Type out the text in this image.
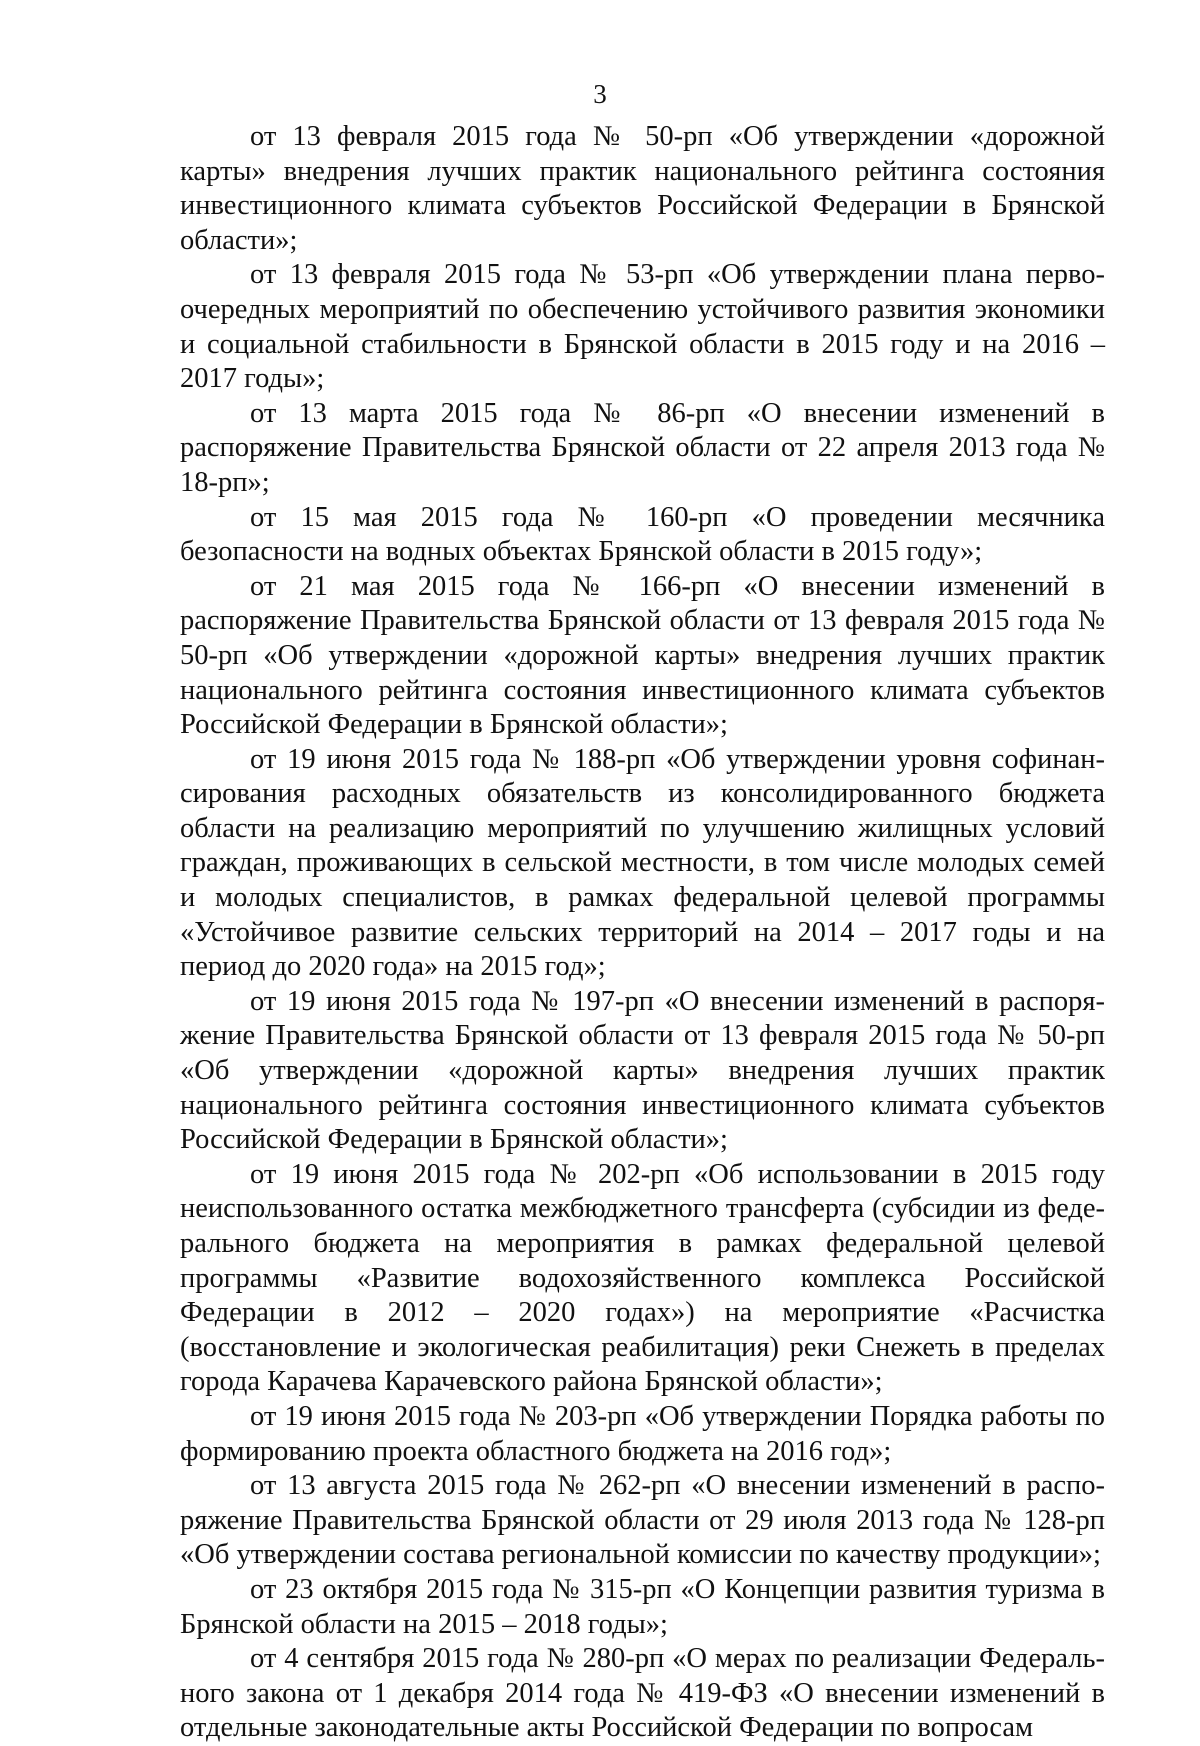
3

от 13 февраля 2015 года № 50-рп «Об утверждении «дорожной карты» внедрения лучших практик национального рейтинга состояния инвестиционного климата субъектов Российской Федерации в Брянской области»;

от 13 февраля 2015 года № 53-рп «Об утверждении плана первоочередных мероприятий по обеспечению устойчивого развития экономики и социальной стабильности в Брянской области в 2015 году и на 2016 – 2017 годы»;

от 13 марта 2015 года № 86-рп «О внесении изменений в распоряжение Правительства Брянской области от 22 апреля 2013 года № 18-рп»;

от 15 мая 2015 года № 160-рп «О проведении месячника безопасности на водных объектах Брянской области в 2015 году»;

от 21 мая 2015 года № 166-рп «О внесении изменений в распоряжение Правительства Брянской области от 13 февраля 2015 года № 50-рп «Об утверждении «дорожной карты» внедрения лучших практик национального рейтинга состояния инвестиционного климата субъектов Российской Федерации в Брянской области»;

от 19 июня 2015 года № 188-рп «Об утверждении уровня софинансирования расходных обязательств из консолидированного бюджета области на реализацию мероприятий по улучшению жилищных условий граждан, проживающих в сельской местности, в том числе молодых семей и молодых специалистов, в рамках федеральной целевой программы «Устойчивое развитие сельских территорий на 2014 – 2017 годы и на период до 2020 года» на 2015 год»;

от 19 июня 2015 года № 197-рп «О внесении изменений в распоряжение Правительства Брянской области от 13 февраля 2015 года № 50-рп «Об утверждении «дорожной карты» внедрения лучших практик национального рейтинга состояния инвестиционного климата субъектов Российской Федерации в Брянской области»;

от 19 июня 2015 года № 202-рп «Об использовании в 2015 году неиспользованного остатка межбюджетного трансферта (субсидии из федерального бюджета на мероприятия в рамках федеральной целевой программы «Развитие водохозяйственного комплекса Российской Федерации в 2012 – 2020 годах») на мероприятие «Расчистка (восстановление и экологическая реабилитация) реки Снежеть в пределах города Карачева Карачевского района Брянской области»;

от 19 июня 2015 года № 203-рп «Об утверждении Порядка работы по формированию проекта областного бюджета на 2016 год»;

от 13 августа 2015 года № 262-рп «О внесении изменений в распоряжение Правительства Брянской области от 29 июля 2013 года № 128-рп «Об утверждении состава региональной комиссии по качеству продукции»;

от 23 октября 2015 года № 315-рп «О Концепции развития туризма в Брянской области на 2015 – 2018 годы»;

от 4 сентября 2015 года № 280-рп «О мерах по реализации Федерального закона от 1 декабря 2014 года № 419-ФЗ «О внесении изменений в отдельные законодательные акты Российской Федерации по вопросам
